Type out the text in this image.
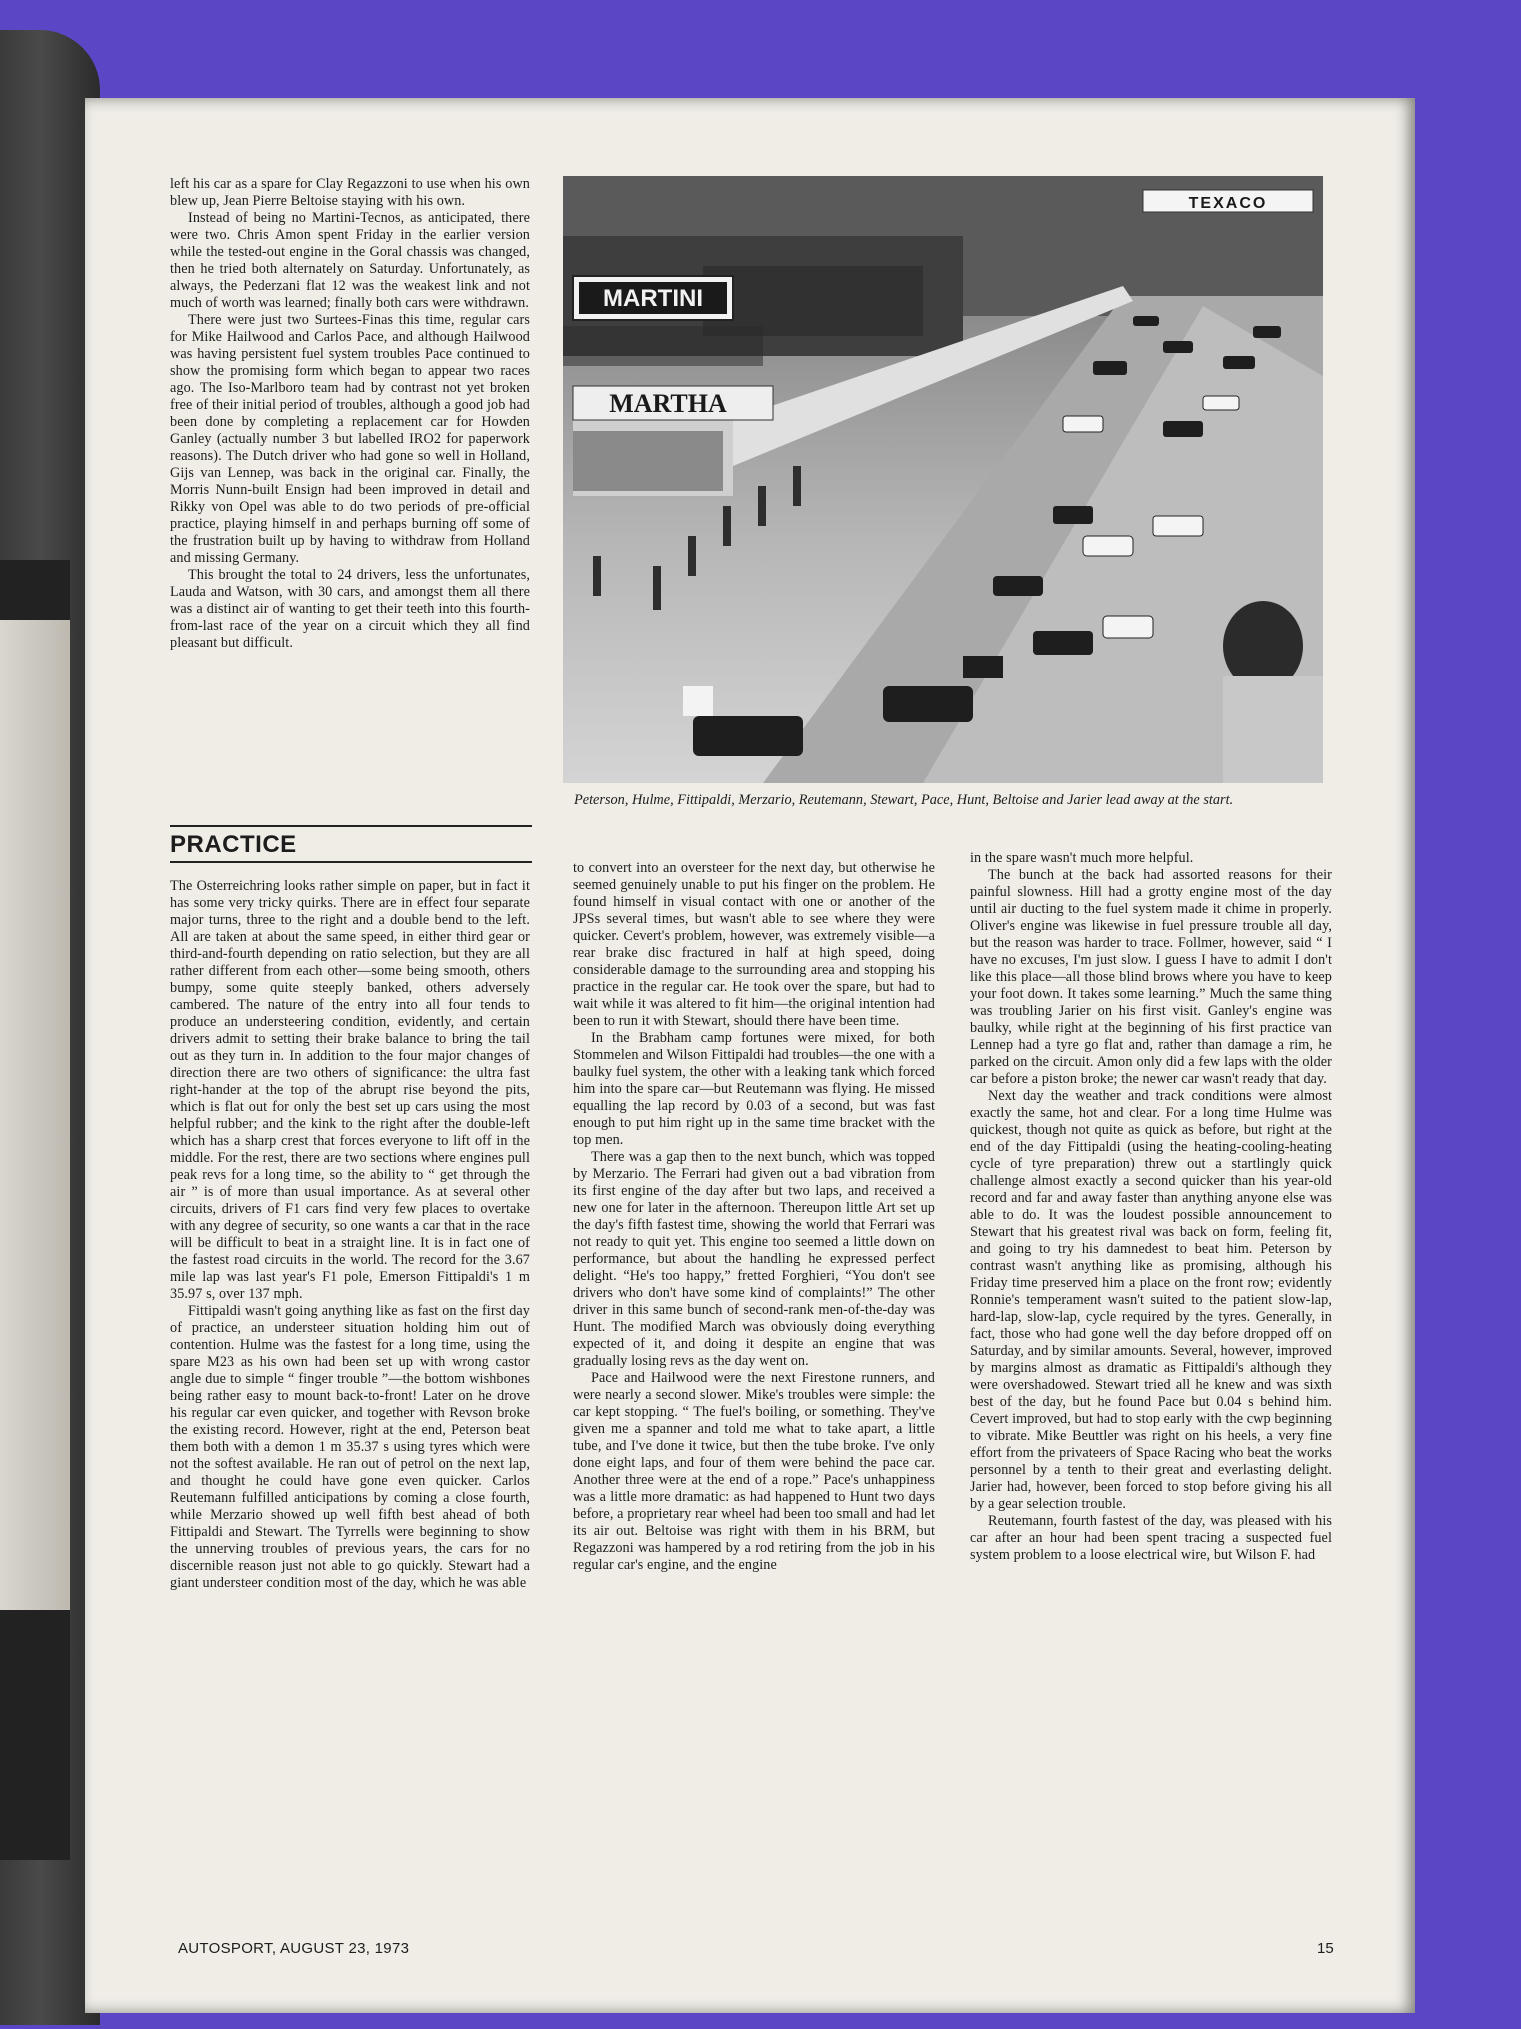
left his car as a spare for Clay Regazzoni to use when his own blew up, Jean Pierre Beltoise staying with his own.

Instead of being no Martini-Tecnos, as anticipated, there were two. Chris Amon spent Friday in the earlier version while the tested-out engine in the Goral chassis was changed, then he tried both alternately on Saturday. Unfortunately, as always, the Pederzani flat 12 was the weakest link and not much of worth was learned; finally both cars were withdrawn.

There were just two Surtees-Finas this time, regular cars for Mike Hailwood and Carlos Pace, and although Hailwood was having persistent fuel system troubles Pace continued to show the promising form which began to appear two races ago. The Iso-Marlboro team had by contrast not yet broken free of their initial period of troubles, although a good job had been done by completing a replacement car for Howden Ganley (actually number 3 but labelled IRO2 for paperwork reasons). The Dutch driver who had gone so well in Holland, Gijs van Lennep, was back in the original car. Finally, the Morris Nunn-built Ensign had been improved in detail and Rikky von Opel was able to do two periods of pre-official practice, playing himself in and perhaps burning off some of the frustration built up by having to withdraw from Holland and missing Germany.

This brought the total to 24 drivers, less the unfortunates, Lauda and Watson, with 30 cars, and amongst them all there was a distinct air of wanting to get their teeth into this fourth-from-last race of the year on a circuit which they all find pleasant but difficult.

PRACTICE

The Osterreichring looks rather simple on paper, but in fact it has some very tricky quirks. There are in effect four separate major turns, three to the right and a double bend to the left. All are taken at about the same speed, in either third gear or third-and-fourth depending on ratio selection, but they are all rather different from each other—some being smooth, others bumpy, some quite steeply banked, others adversely cambered. The nature of the entry into all four tends to produce an understeering condition, evidently, and certain drivers admit to setting their brake balance to bring the tail out as they turn in. In addition to the four major changes of direction there are two others of significance: the ultra fast right-hander at the top of the abrupt rise beyond the pits, which is flat out for only the best set up cars using the most helpful rubber; and the kink to the right after the double-left which has a sharp crest that forces everyone to lift off in the middle. For the rest, there are two sections where engines pull peak revs for a long time, so the ability to “ get through the air ” is of more than usual importance. As at several other circuits, drivers of F1 cars find very few places to overtake with any degree of security, so one wants a car that in the race will be difficult to beat in a straight line. It is in fact one of the fastest road circuits in the world. The record for the 3.67 mile lap was last year's F1 pole, Emerson Fittipaldi's 1 m 35.97 s, over 137 mph.

Fittipaldi wasn't going anything like as fast on the first day of practice, an understeer situation holding him out of contention. Hulme was the fastest for a long time, using the spare M23 as his own had been set up with wrong castor angle due to simple “ finger trouble ”—the bottom wishbones being rather easy to mount back-to-front! Later on he drove his regular car even quicker, and together with Revson broke the existing record. However, right at the end, Peterson beat them both with a demon 1 m 35.37 s using tyres which were not the softest available. He ran out of petrol on the next lap, and thought he could have gone even quicker. Carlos Reutemann fulfilled anticipations by coming a close fourth, while Merzario showed up well fifth best ahead of both Fittipaldi and Stewart. The Tyrrells were beginning to show the unnerving troubles of previous years, the cars for no discernible reason just not able to go quickly. Stewart had a giant understeer condition most of the day, which he was able

MARTINI
MARTHA
TEXACO
Peterson, Hulme, Fittipaldi, Merzario, Reutemann, Stewart, Pace, Hunt, Beltoise and Jarier lead away at the start.

to convert into an oversteer for the next day, but otherwise he seemed genuinely unable to put his finger on the problem. He found himself in visual contact with one or another of the JPSs several times, but wasn't able to see where they were quicker. Cevert's problem, however, was extremely visible—a rear brake disc fractured in half at high speed, doing considerable damage to the surrounding area and stopping his practice in the regular car. He took over the spare, but had to wait while it was altered to fit him—the original intention had been to run it with Stewart, should there have been time.

In the Brabham camp fortunes were mixed, for both Stommelen and Wilson Fittipaldi had troubles—the one with a baulky fuel system, the other with a leaking tank which forced him into the spare car—but Reutemann was flying. He missed equalling the lap record by 0.03 of a second, but was fast enough to put him right up in the same time bracket with the top men.

There was a gap then to the next bunch, which was topped by Merzario. The Ferrari had given out a bad vibration from its first engine of the day after but two laps, and received a new one for later in the afternoon. Thereupon little Art set up the day's fifth fastest time, showing the world that Ferrari was not ready to quit yet. This engine too seemed a little down on performance, but about the handling he expressed perfect delight. “He's too happy,” fretted Forghieri, “You don't see drivers who don't have some kind of complaints!” The other driver in this same bunch of second-rank men-of-the-day was Hunt. The modified March was obviously doing everything expected of it, and doing it despite an engine that was gradually losing revs as the day went on.

Pace and Hailwood were the next Firestone runners, and were nearly a second slower. Mike's troubles were simple: the car kept stopping. “ The fuel's boiling, or something. They've given me a spanner and told me what to take apart, a little tube, and I've done it twice, but then the tube broke. I've only done eight laps, and four of them were behind the pace car. Another three were at the end of a rope.” Pace's unhappiness was a little more dramatic: as had happened to Hunt two days before, a proprietary rear wheel had been too small and had let its air out. Beltoise was right with them in his BRM, but Regazzoni was hampered by a rod retiring from the job in his regular car's engine, and the engine

in the spare wasn't much more helpful.

The bunch at the back had assorted reasons for their painful slowness. Hill had a grotty engine most of the day until air ducting to the fuel system made it chime in properly. Oliver's engine was likewise in fuel pressure trouble all day, but the reason was harder to trace. Follmer, however, said “ I have no excuses, I'm just slow. I guess I have to admit I don't like this place—all those blind brows where you have to keep your foot down. It takes some learning.” Much the same thing was troubling Jarier on his first visit. Ganley's engine was baulky, while right at the beginning of his first practice van Lennep had a tyre go flat and, rather than damage a rim, he parked on the circuit. Amon only did a few laps with the older car before a piston broke; the newer car wasn't ready that day.

Next day the weather and track conditions were almost exactly the same, hot and clear. For a long time Hulme was quickest, though not quite as quick as before, but right at the end of the day Fittipaldi (using the heating-cooling-heating cycle of tyre preparation) threw out a startlingly quick challenge almost exactly a second quicker than his year-old record and far and away faster than anything anyone else was able to do. It was the loudest possible announcement to Stewart that his greatest rival was back on form, feeling fit, and going to try his damnedest to beat him. Peterson by contrast wasn't anything like as promising, although his Friday time preserved him a place on the front row; evidently Ronnie's temperament wasn't suited to the patient slow-lap, hard-lap, slow-lap, cycle required by the tyres. Generally, in fact, those who had gone well the day before dropped off on Saturday, and by similar amounts. Several, however, improved by margins almost as dramatic as Fittipaldi's although they were overshadowed. Stewart tried all he knew and was sixth best of the day, but he found Pace but 0.04 s behind him. Cevert improved, but had to stop early with the cwp beginning to vibrate. Mike Beuttler was right on his heels, a very fine effort from the privateers of Space Racing who beat the works personnel by a tenth to their great and everlasting delight. Jarier had, however, been forced to stop before giving his all by a gear selection trouble.

Reutemann, fourth fastest of the day, was pleased with his car after an hour had been spent tracing a suspected fuel system problem to a loose electrical wire, but Wilson F. had

AUTOSPORT, AUGUST 23, 1973	15
